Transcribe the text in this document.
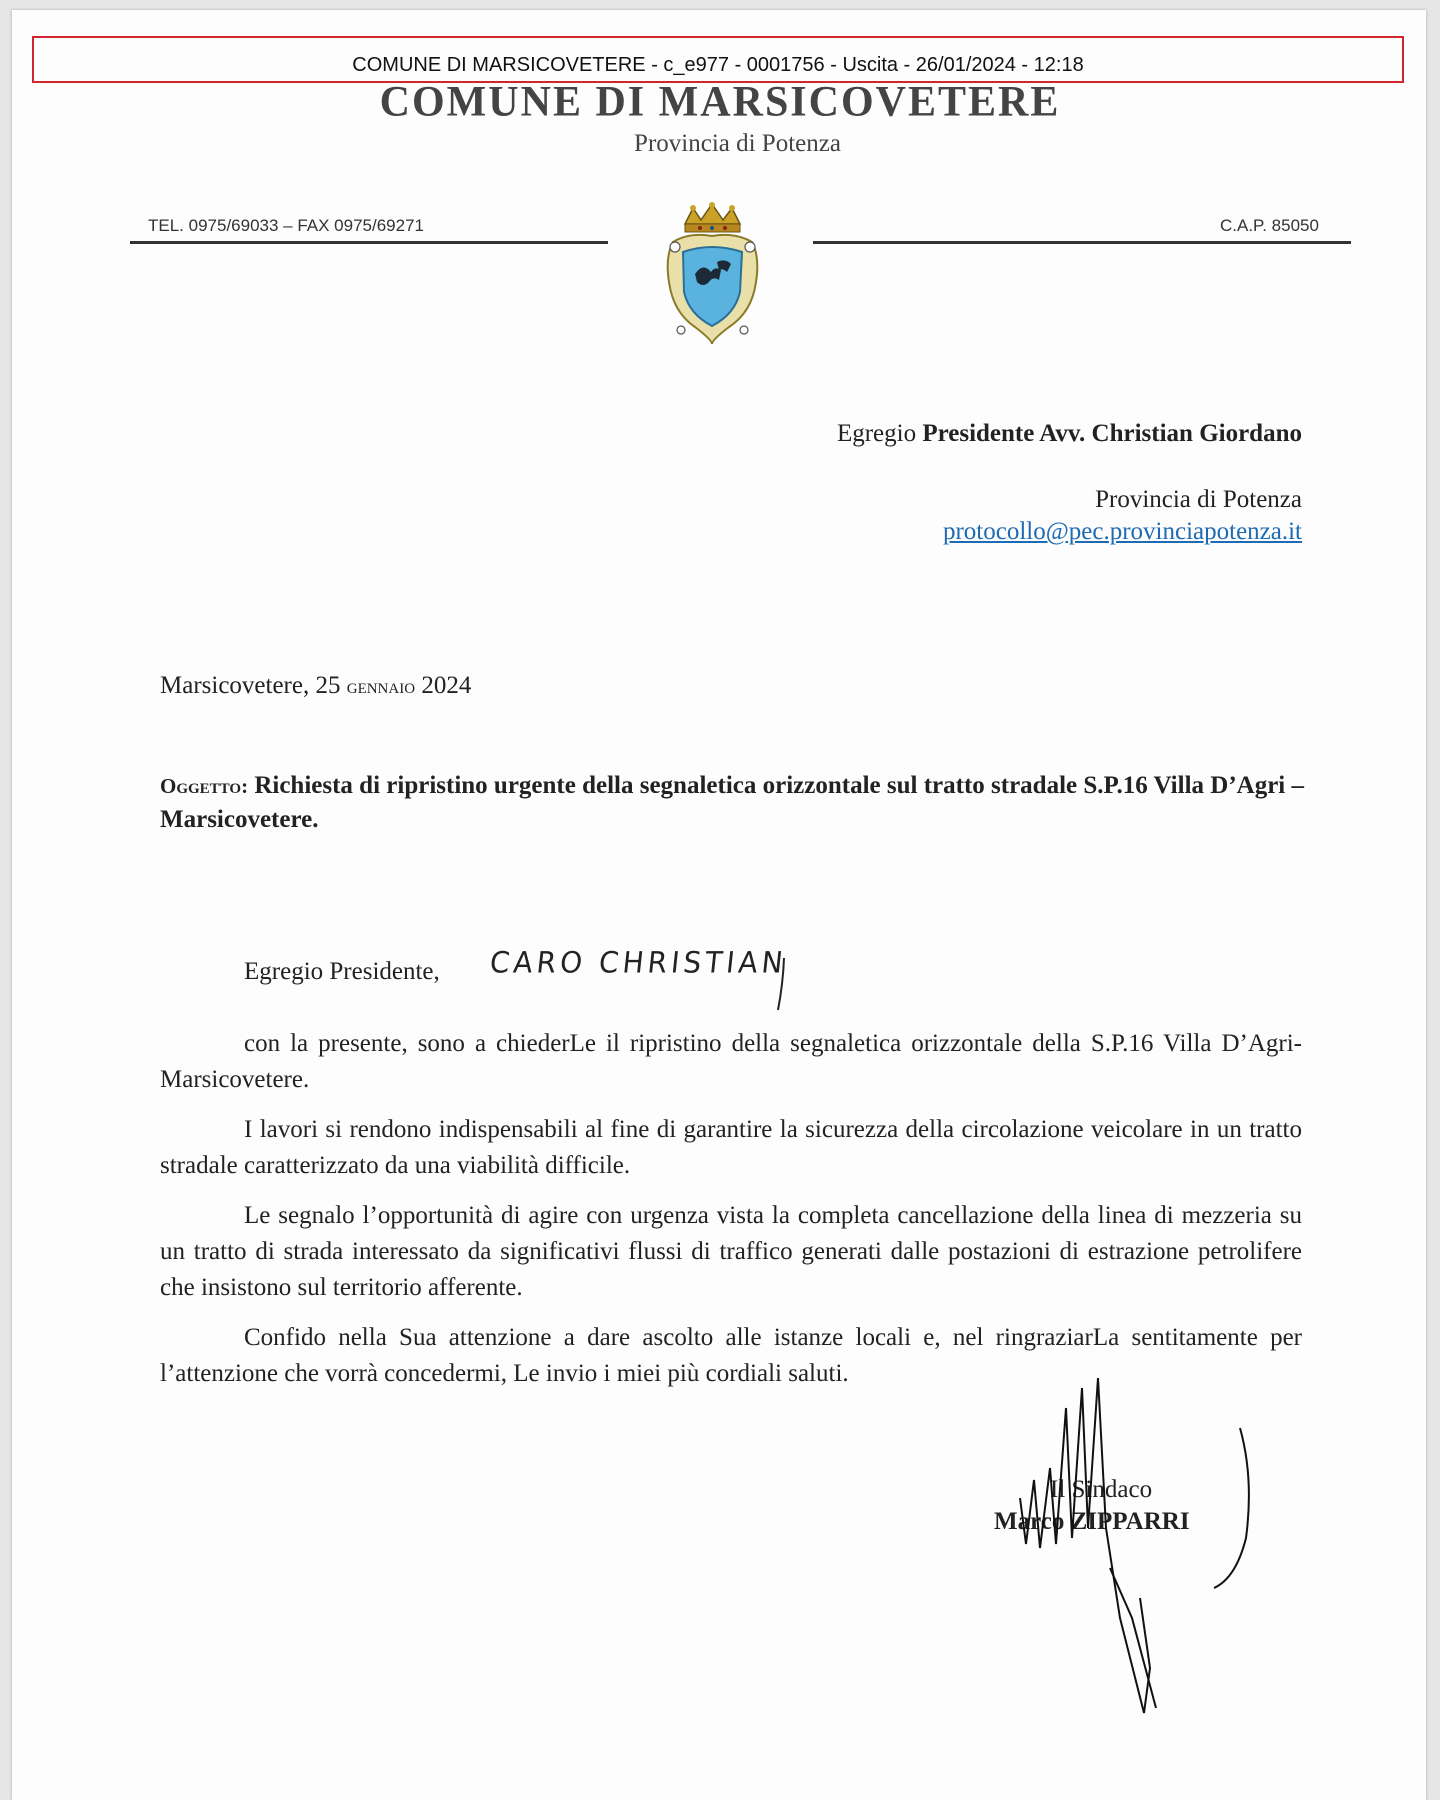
COMUNE DI MARSICOVETERE - c_e977 - 0001756 - Uscita - 26/01/2024 - 12:18
COMUNE DI MARSICOVETERE
Provincia di Potenza
TEL. 0975/69033 – FAX 0975/69271	C.A.P. 85050
Egregio Presidente Avv. Christian Giordano
Provincia di Potenza
protocollo@pec.provinciapotenza.it
Marsicovetere, 25 gennaio 2024
Oggetto: Richiesta di ripristino urgente della segnaletica orizzontale sul tratto stradale S.P.16 Villa D’Agri – Marsicovetere.
Egregio Presidente, CARO CHRISTIAN

con la presente, sono a chiederLe il ripristino della segnaletica orizzontale della S.P.16 Villa D’Agri-Marsicovetere.

I lavori si rendono indispensabili al fine di garantire la sicurezza della circolazione veicolare in un tratto stradale caratterizzato da una viabilità difficile.

Le segnalo l’opportunità di agire con urgenza vista la completa cancellazione della linea di mezzeria su un tratto di strada interessato da significativi flussi di traffico generati dalle postazioni di estrazione petrolifere che insistono sul territorio afferente.

Confido nella Sua attenzione a dare ascolto alle istanze locali e, nel ringraziarLa sentitamente per l’attenzione che vorrà concedermi, Le invio i miei più cordiali saluti.

Il Sindaco
Marco ZIPPARRI
